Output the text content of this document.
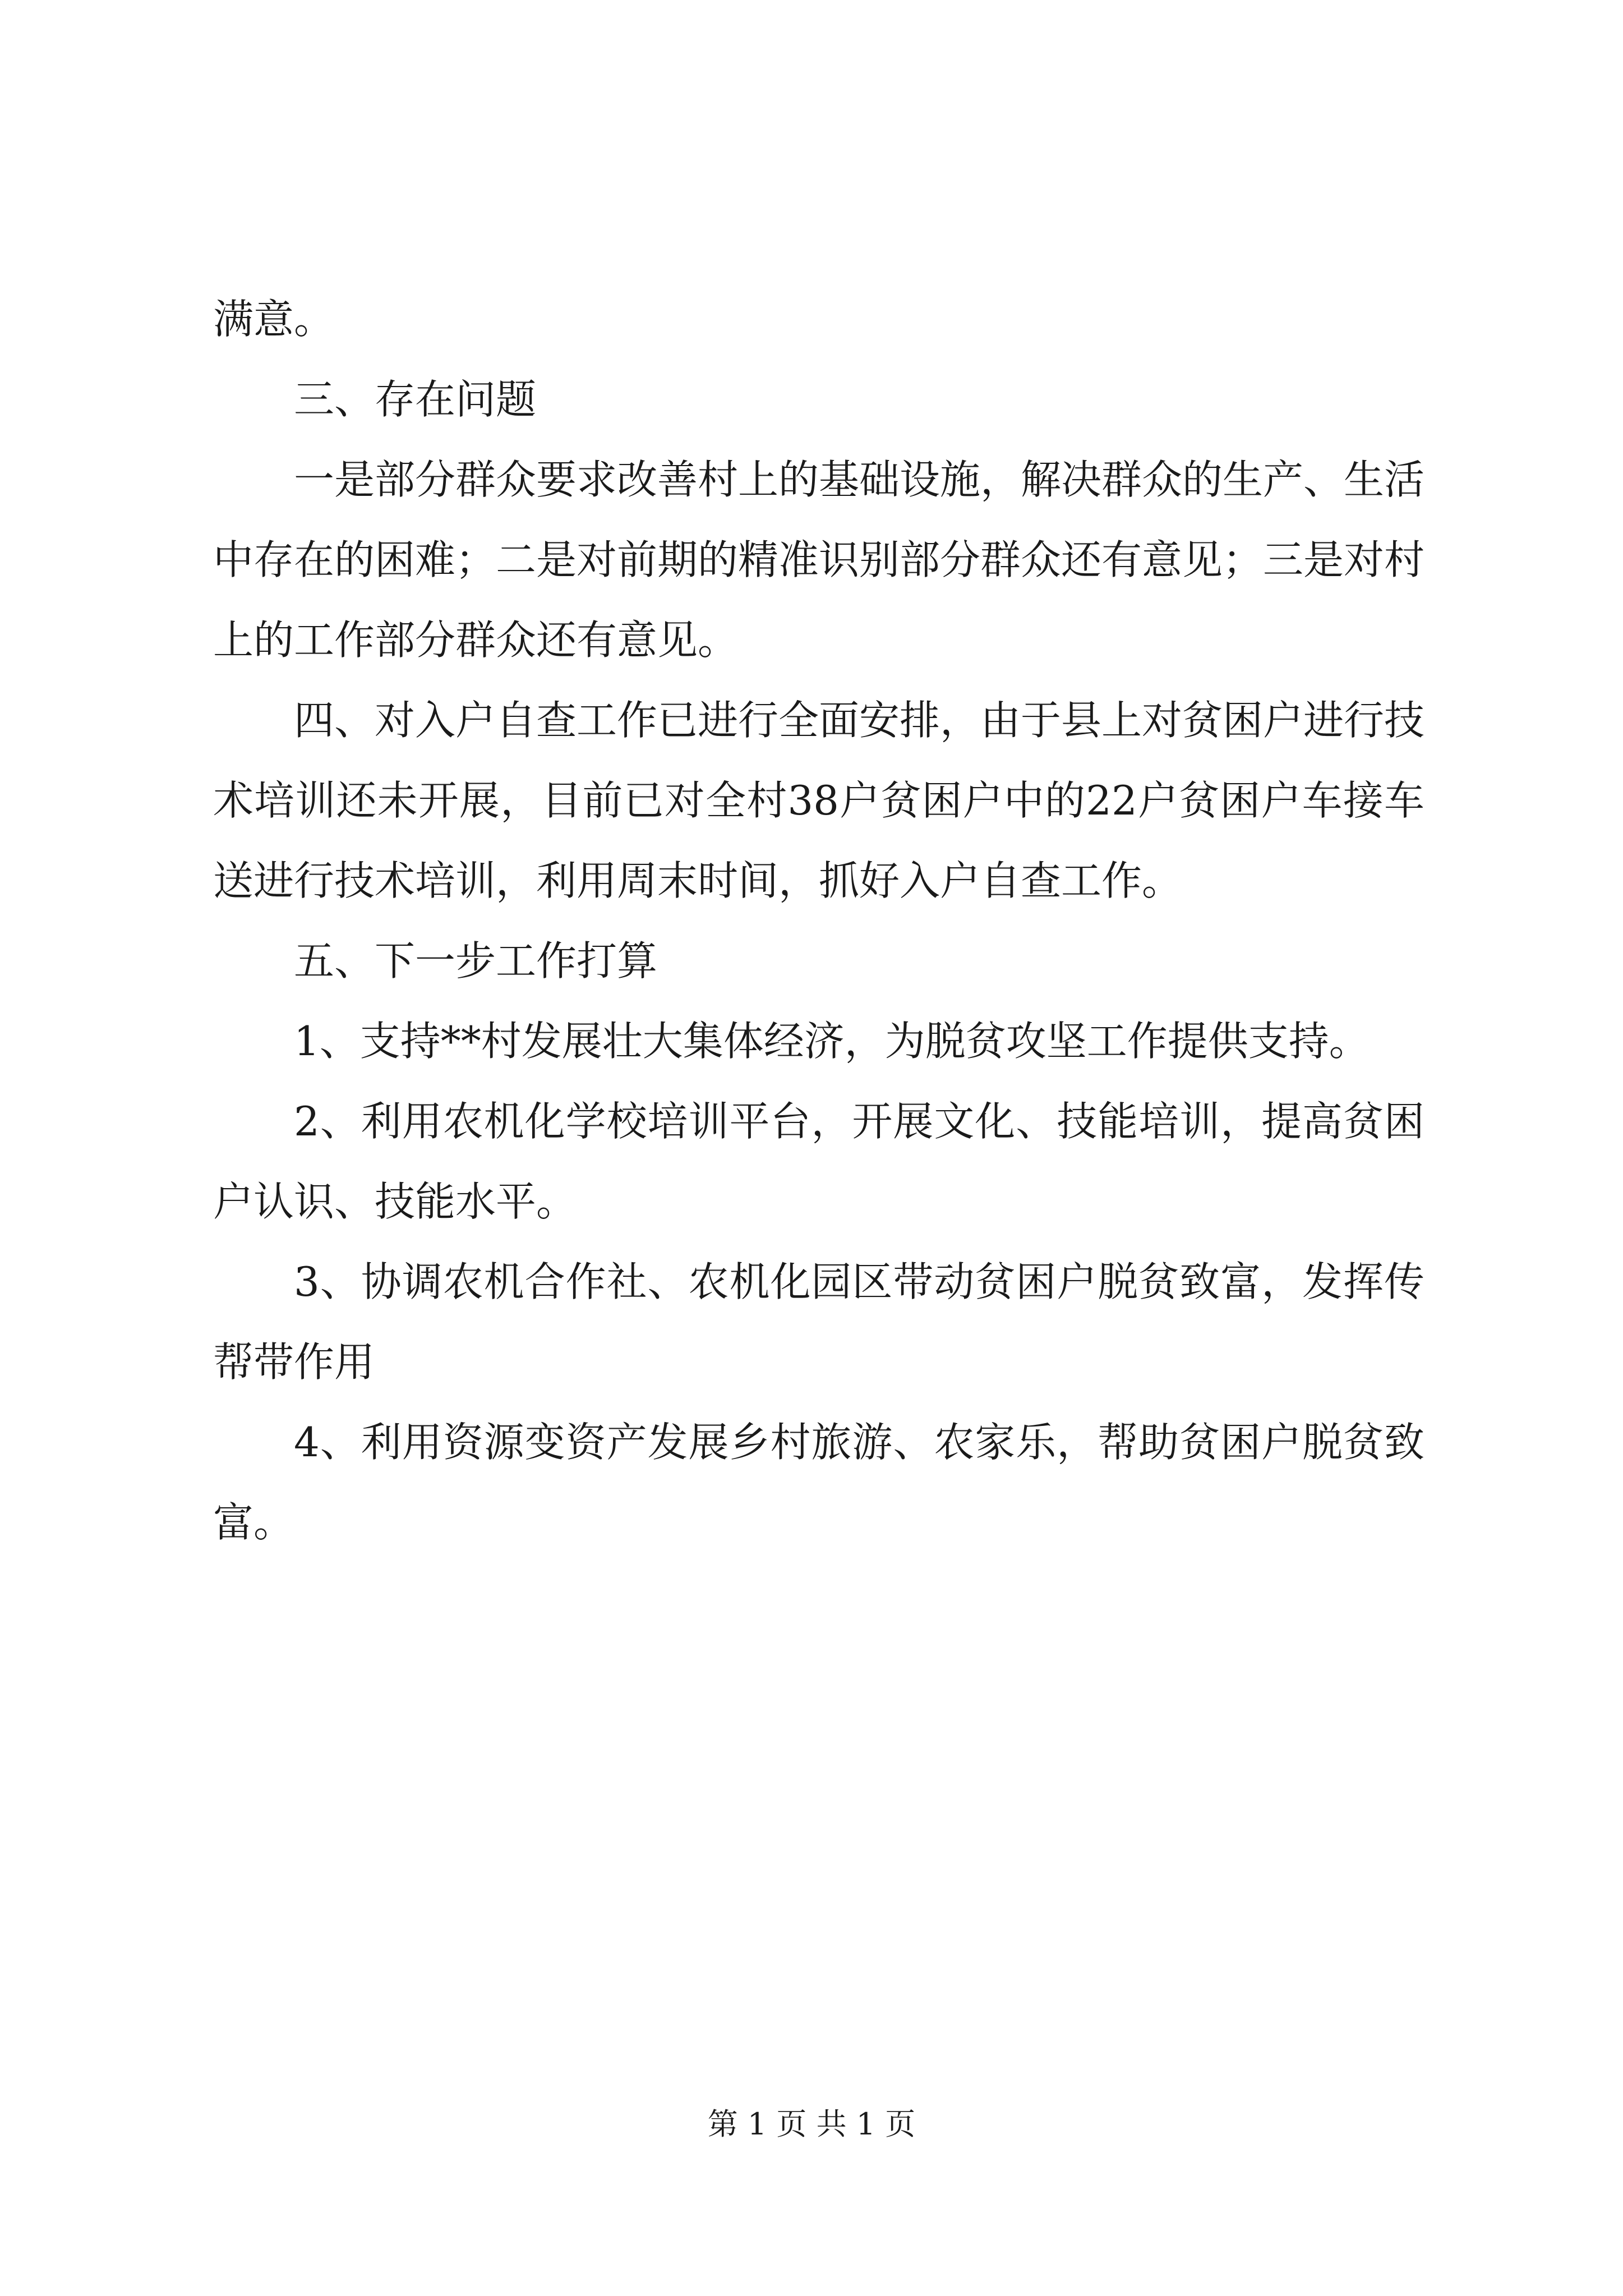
满意。

三、存在问题

一是部分群众要求改善村上的基础设施，解决群众的生产、生活中存在的困难；二是对前期的精准识别部分群众还有意见；三是对村上的工作部分群众还有意见。

四、对入户自查工作已进行全面安排，由于县上对贫困户进行技术培训还未开展，目前已对全村38户贫困户中的22户贫困户车接车送进行技术培训，利用周末时间，抓好入户自查工作。

五、下一步工作打算

1、支持**村发展壮大集体经济，为脱贫攻坚工作提供支持。

2、利用农机化学校培训平台，开展文化、技能培训，提高贫困户认识、技能水平。

3、协调农机合作社、农机化园区带动贫困户脱贫致富，发挥传帮带作用

4、利用资源变资产发展乡村旅游、农家乐，帮助贫困户脱贫致富。

第 1 页 共 1 页
